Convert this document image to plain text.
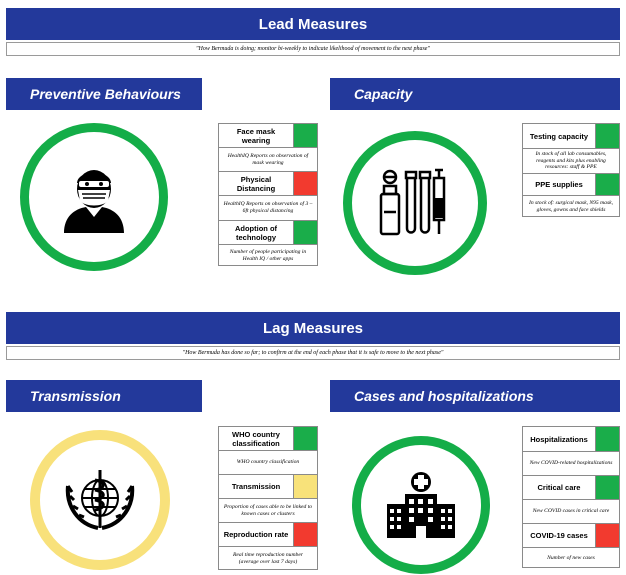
Lead Measures
"How Bermuda is doing; monitor bi-weekly to indicate likelihood of movement to the next phase"
Preventive Behaviours	Capacity
Face mask wearing
HealthIQ Reports on observation of mask wearing
Physical Distancing
HealthIQ Reports on observation of 3 – 6ft physical distancing
Adoption of technology
Number of people participating in Health IQ / other apps
Testing capacity
In stock of all lab consumables, reagents and kits plus enabling resources: staff & PPE
PPE supplies
In stock of: surgical mask, N95 mask, gloves, gowns and face shields
Lag Measures
"How Bermuda has done so far; to confirm at the end of each phase that it is safe to move to the next phase"
Transmission	Cases and hospitalizations
WHO country classification
WHO country classification
Transmission
Proportion of cases able to be linked to known cases or clusters
Reproduction rate
Real time reproduction number (average over last 7 days)
Hospitalizations
New COVID-related hospitalizations
Critical care
New COVID cases in critical care
COVID-19 cases
Number of new cases
